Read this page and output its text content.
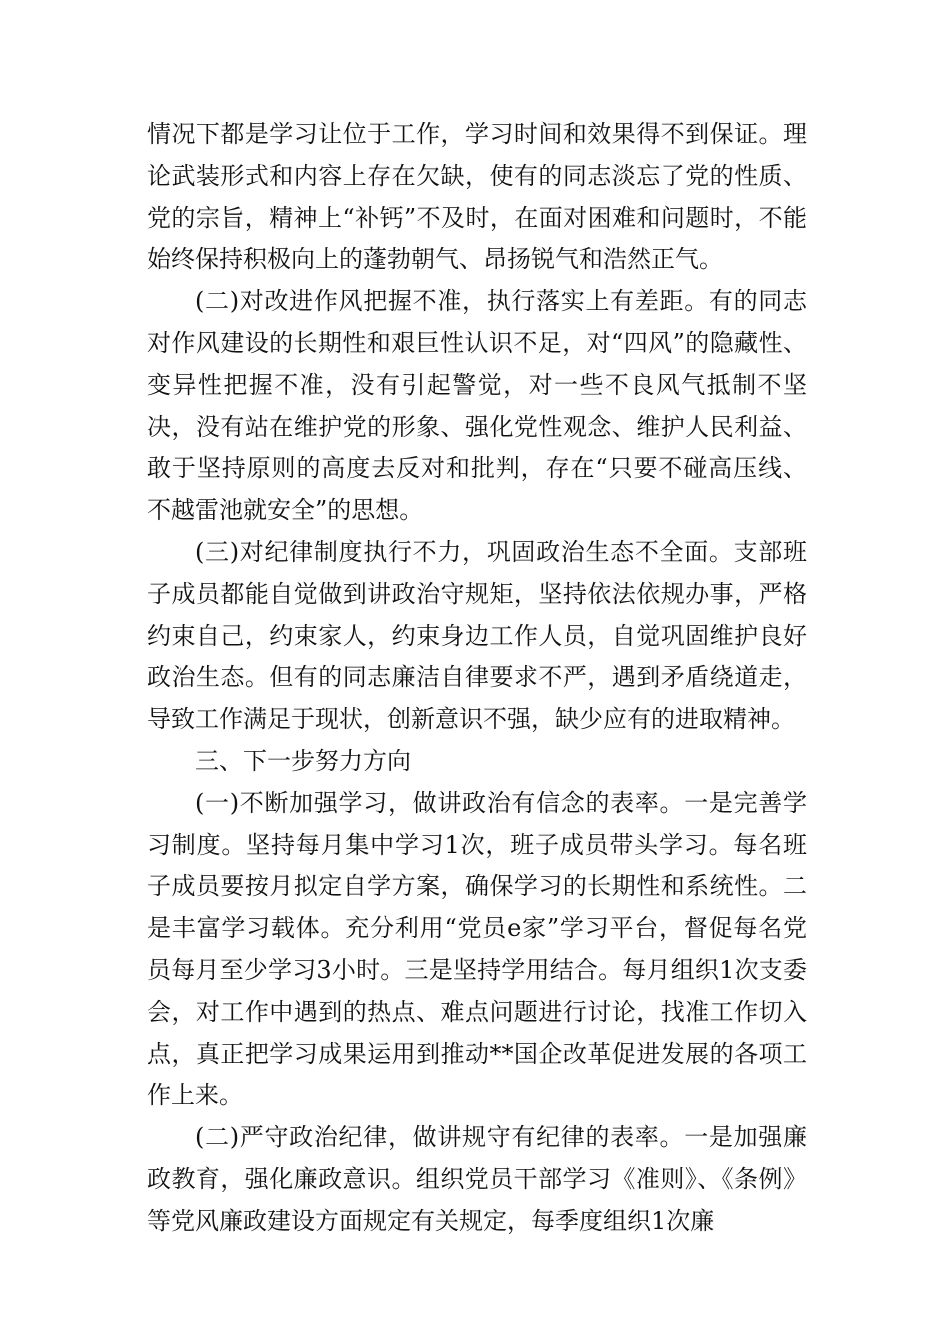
情况下都是学习让位于工作，学习时间和效果得不到保证。理论武装形式和内容上存在欠缺，使有的同志淡忘了党的性质、党的宗旨，精神上“补钙”不及时，在面对困难和问题时，不能始终保持积极向上的蓬勃朝气、昂扬锐气和浩然正气。

(二)对改进作风把握不准，执行落实上有差距。有的同志对作风建设的长期性和艰巨性认识不足，对“四风”的隐藏性、变异性把握不准，没有引起警觉，对一些不良风气抵制不坚决，没有站在维护党的形象、强化党性观念、维护人民利益、敢于坚持原则的高度去反对和批判，存在“只要不碰高压线、不越雷池就安全”的思想。

(三)对纪律制度执行不力，巩固政治生态不全面。支部班子成员都能自觉做到讲政治守规矩，坚持依法依规办事，严格约束自己，约束家人，约束身边工作人员，自觉巩固维护良好政治生态。但有的同志廉洁自律要求不严，遇到矛盾绕道走，导致工作满足于现状，创新意识不强，缺少应有的进取精神。

三、下一步努力方向

(一)不断加强学习，做讲政治有信念的表率。一是完善学习制度。坚持每月集中学习1次，班子成员带头学习。每名班子成员要按月拟定自学方案，确保学习的长期性和系统性。二是丰富学习载体。充分利用“党员e家”学习平台，督促每名党员每月至少学习3小时。三是坚持学用结合。每月组织1次支委会，对工作中遇到的热点、难点问题进行讨论，找准工作切入点，真正把学习成果运用到推动**国企改革促进发展的各项工作上来。

(二)严守政治纪律，做讲规守有纪律的表率。一是加强廉政教育，强化廉政意识。组织党员干部学习《准则》、《条例》等党风廉政建设方面规定有关规定，每季度组织1次廉
